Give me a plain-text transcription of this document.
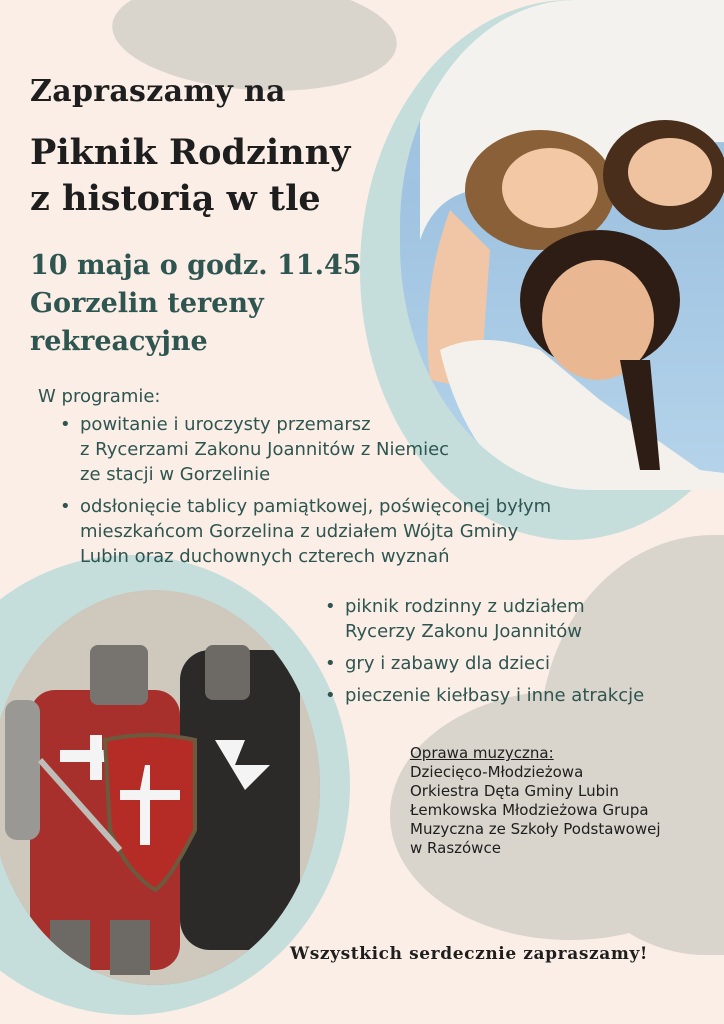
Zapraszamy na
Piknik Rodzinny
z historią w tle
10 maja o godz. 11.45
Gorzelin tereny
rekreacyjne

W programie:

• powitanie i uroczysty przemarsz
z Rycerzami Zakonu Joannitów z Niemiec
ze stacji w Gorzelinie
• odsłonięcie tablicy pamiątkowej, poświęconej byłym
mieszkańcom Gorzelina z udziałem Wójta Gminy
Lubin oraz duchownych czterech wyznań
• piknik rodzinny z udziałem
Rycerzy Zakonu Joannitów
• gry i zabawy dla dzieci
• pieczenie kiełbasy i inne atrakcje
Oprawa muzyczna:
Dziecięco-Młodzieżowa
Orkiestra Dęta Gminy Lubin
Łemkowska Młodzieżowa Grupa
Muzyczna ze Szkoły Podstawowej
w Raszówce

Wszystkich serdecznie zapraszamy!
